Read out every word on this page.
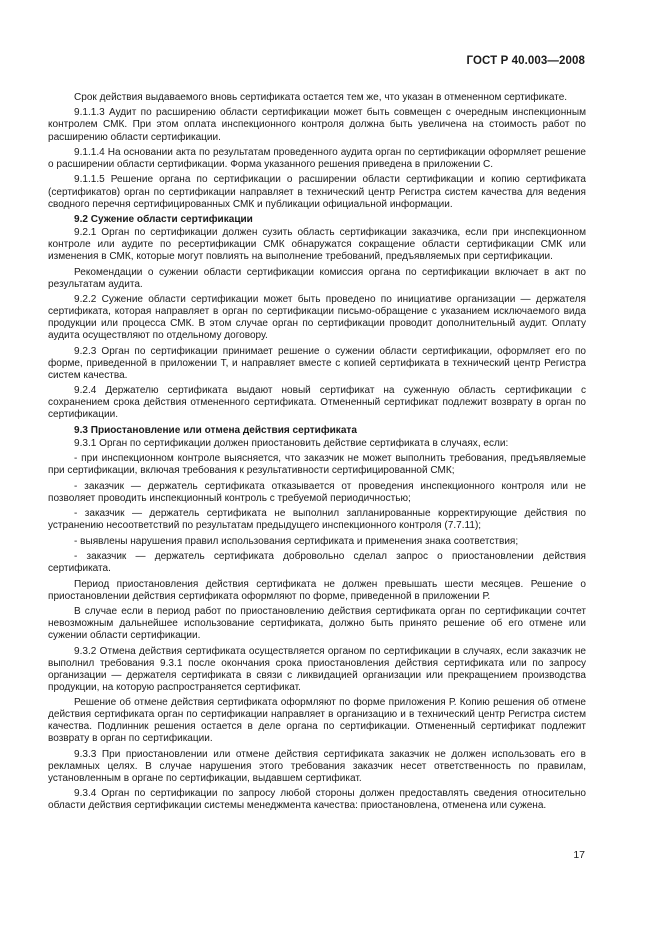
ГОСТ Р 40.003—2008

Срок действия выдаваемого вновь сертификата остается тем же, что указан в отмененном сертификате.

9.1.1.3 Аудит по расширению области сертификации может быть совмещен с очередным инспекционным контролем СМК. При этом оплата инспекционного контроля должна быть увеличена на стоимость работ по расширению области сертификации.

9.1.1.4 На основании акта по результатам проведенного аудита орган по сертификации оформляет решение о расширении области сертификации. Форма указанного решения приведена в приложении С.

9.1.1.5 Решение органа по сертификации о расширении области сертификации и копию сертификата (сертификатов) орган по сертификации направляет в технический центр Регистра систем качества для ведения сводного перечня сертифицированных СМК и публикации официальной информации.

9.2 Сужение области сертификации

9.2.1 Орган по сертификации должен сузить область сертификации заказчика, если при инспекционном контроле или аудите по ресертификации СМК обнаружатся сокращение области сертификации СМК или изменения в СМК, которые могут повлиять на выполнение требований, предъявляемых при сертификации.

Рекомендации о сужении области сертификации комиссия органа по сертификации включает в акт по результатам аудита.

9.2.2 Сужение области сертификации может быть проведено по инициативе организации — держателя сертификата, которая направляет в орган по сертификации письмо-обращение с указанием исключаемого вида продукции или процесса СМК. В этом случае орган по сертификации проводит дополнительный аудит. Оплату аудита осуществляют по отдельному договору.

9.2.3 Орган по сертификации принимает решение о сужении области сертификации, оформляет его по форме, приведенной в приложении Т, и направляет вместе с копией сертификата в технический центр Регистра систем качества.

9.2.4 Держателю сертификата выдают новый сертификат на суженную область сертификации с сохранением срока действия отмененного сертификата. Отмененный сертификат подлежит возврату в орган по сертификации.

9.3 Приостановление или отмена действия сертификата

9.3.1 Орган по сертификации должен приостановить действие сертификата в случаях, если:

- при инспекционном контроле выясняется, что заказчик не может выполнить требования, предъявляемые при сертификации, включая требования к результативности сертифицированной СМК;

- заказчик — держатель сертификата отказывается от проведения инспекционного контроля или не позволяет проводить инспекционный контроль с требуемой периодичностью;

- заказчик — держатель сертификата не выполнил запланированные корректирующие действия по устранению несоответствий по результатам предыдущего инспекционного контроля (7.7.11);

- выявлены нарушения правил использования сертификата и применения знака соответствия;

- заказчик — держатель сертификата добровольно сделал запрос о приостановлении действия сертификата.

Период приостановления действия сертификата не должен превышать шести месяцев. Решение о приостановлении действия сертификата оформляют по форме, приведенной в приложении Р.

В случае если в период работ по приостановлению действия сертификата орган по сертификации сочтет невозможным дальнейшее использование сертификата, должно быть принято решение об его отмене или сужении области сертификации.

9.3.2 Отмена действия сертификата осуществляется органом по сертификации в случаях, если заказчик не выполнил требования 9.3.1 после окончания срока приостановления действия сертификата или по запросу организации — держателя сертификата в связи с ликвидацией организации или прекращением производства продукции, на которую распространяется сертификат.

Решение об отмене действия сертификата оформляют по форме приложения Р. Копию решения об отмене действия сертификата орган по сертификации направляет в организацию и в технический центр Регистра систем качества. Подлинник решения остается в деле органа по сертификации. Отмененный сертификат подлежит возврату в орган по сертификации.

9.3.3 При приостановлении или отмене действия сертификата заказчик не должен использовать его в рекламных целях. В случае нарушения этого требования заказчик несет ответственность по правилам, установленным в органе по сертификации, выдавшем сертификат.

9.3.4 Орган по сертификации по запросу любой стороны должен предоставлять сведения относительно области действия сертификации системы менеджмента качества: приостановлена, отменена или сужена.

17
